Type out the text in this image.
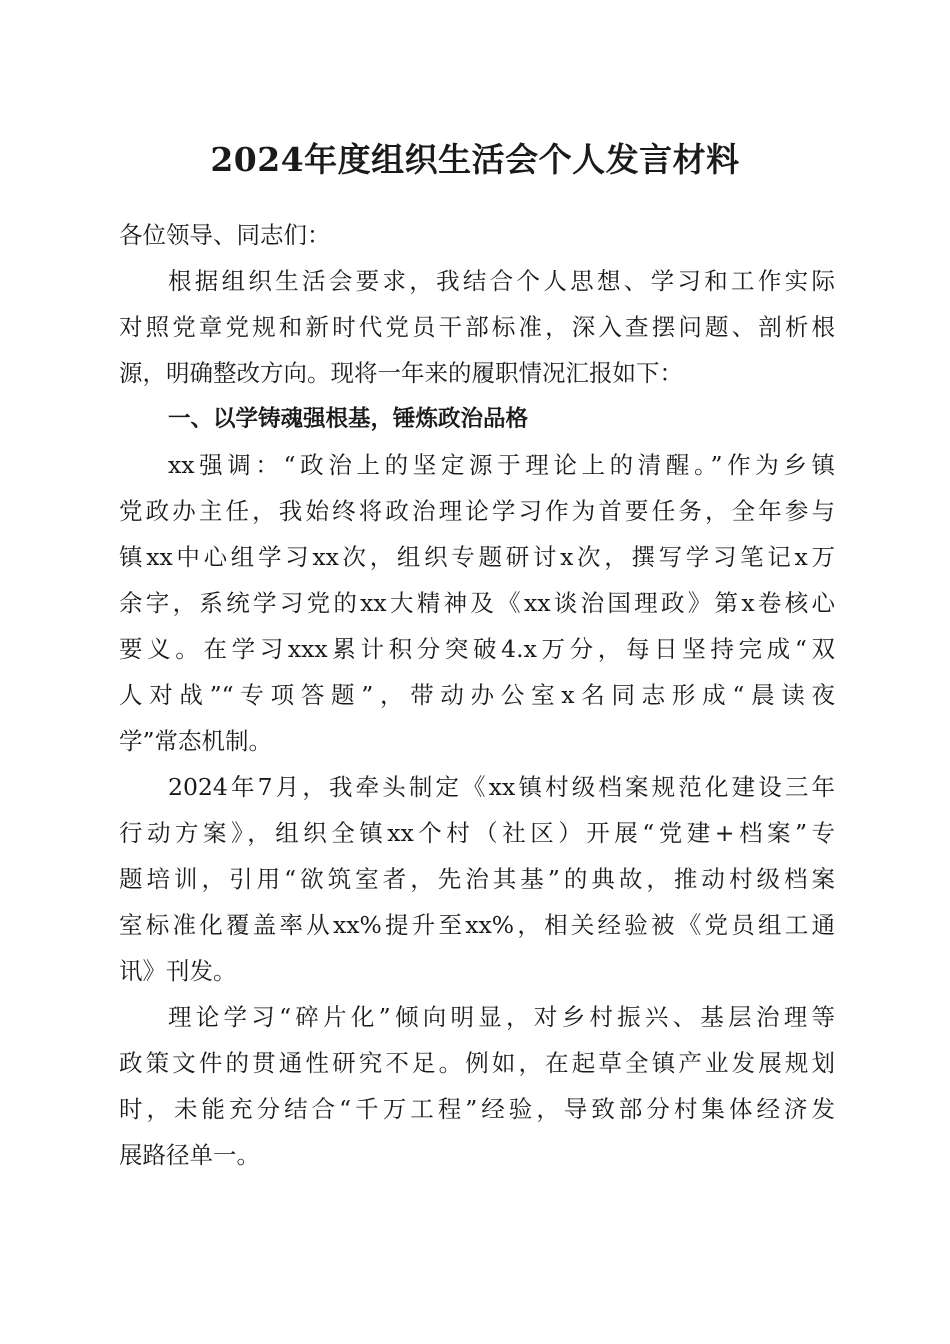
2024年度组织生活会个人发言材料

各位领导、同志们：

根据组织生活会要求，我结合个人思想、学习和工作实际

对照党章党规和新时代党员干部标准，深入查摆问题、剖析根

源，明确整改方向。现将一年来的履职情况汇报如下：

一、以学铸魂强根基，锤炼政治品格

xx强调：“政治上的坚定源于理论上的清醒。”作为乡镇

党政办主任，我始终将政治理论学习作为首要任务，全年参与

镇xx中心组学习xx次，组织专题研讨x次，撰写学习笔记x万

余字，系统学习党的xx大精神及《xx谈治国理政》第x卷核心

要义。在学习xxx累计积分突破4.x万分，每日坚持完成“双

人对战”“专项答题”，带动办公室x名同志形成“晨读夜

学”常态机制。

2024年7月，我牵头制定《xx镇村级档案规范化建设三年

行动方案》，组织全镇xx个村（社区）开展“党建+档案”专

题培训，引用“欲筑室者，先治其基”的典故，推动村级档案

室标准化覆盖率从xx%提升至xx%，相关经验被《党员组工通

讯》刊发。

理论学习“碎片化”倾向明显，对乡村振兴、基层治理等

政策文件的贯通性研究不足。例如，在起草全镇产业发展规划

时，未能充分结合“千万工程”经验，导致部分村集体经济发

展路径单一。
